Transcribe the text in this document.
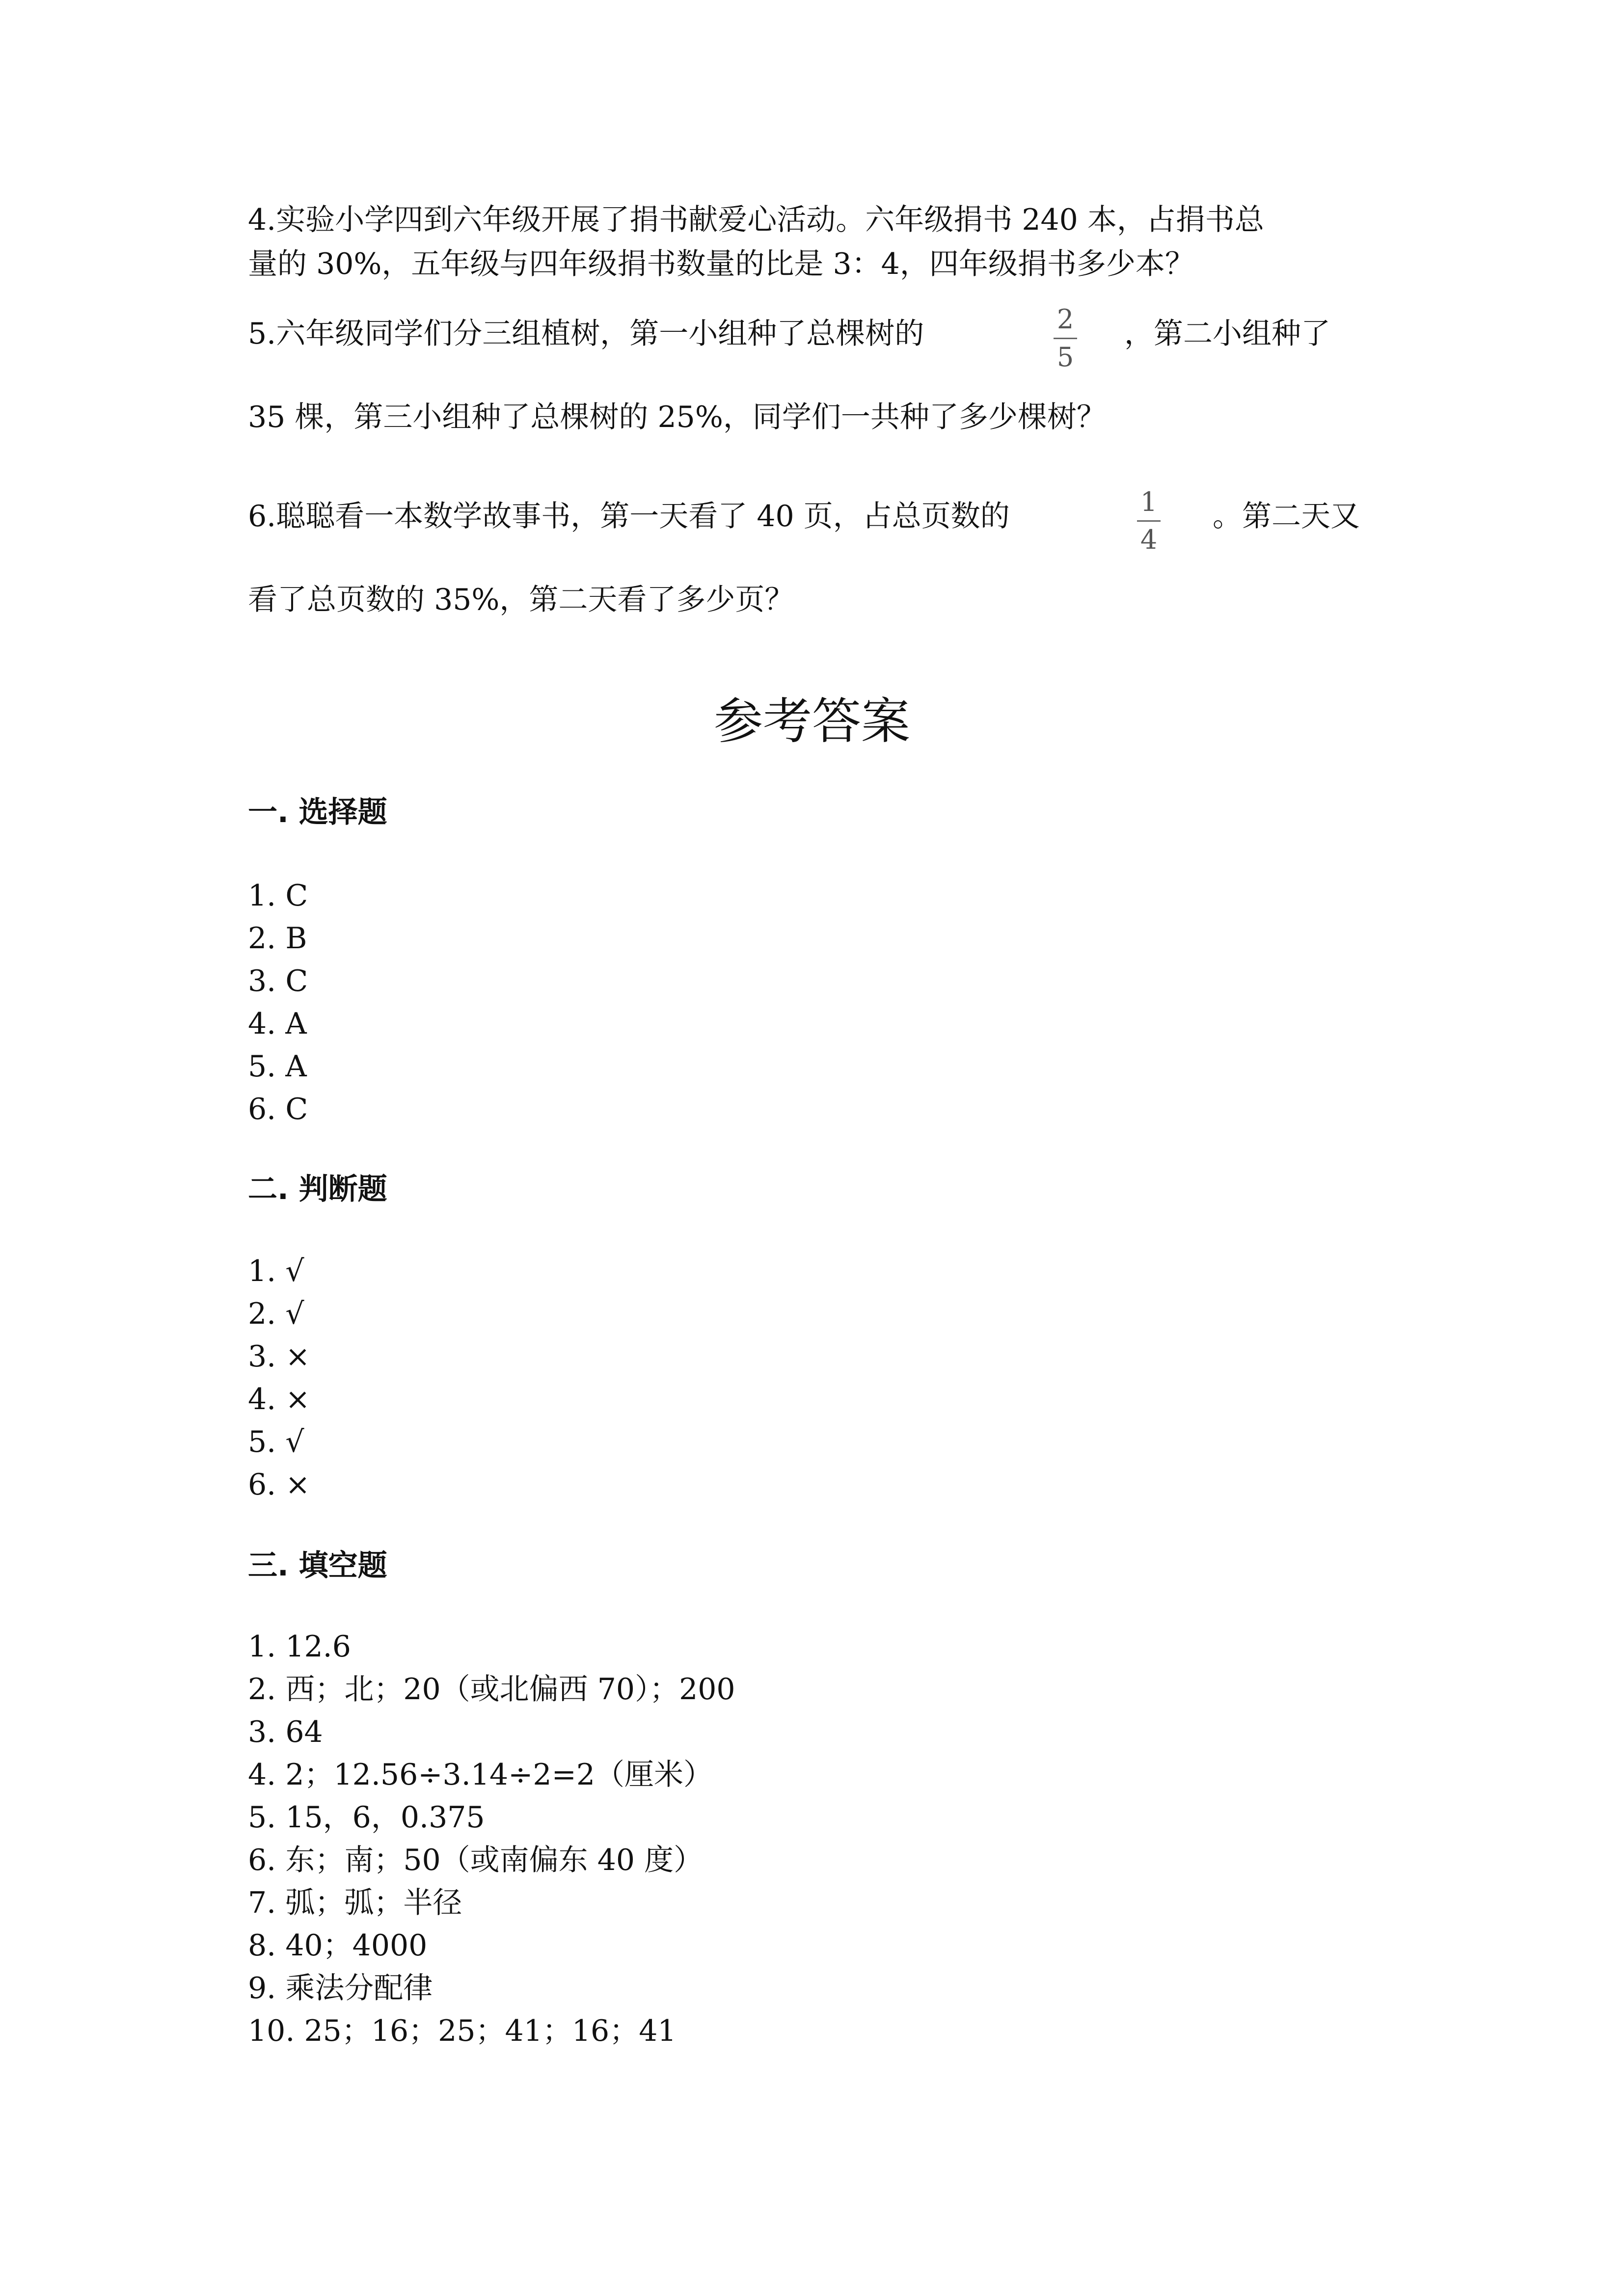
4.实验小学四到六年级开展了捐书献爱心活动。六年级捐书 240 本，占捐书总
量的 30%，五年级与四年级捐书数量的比是 3：4，四年级捐书多少本？
5.六年级同学们分三组植树，第一小组种了总棵树的	2
5
，第二小组种了
35 棵，第三小组种了总棵树的 25%，同学们一共种了多少棵树？
6.聪聪看一本数学故事书，第一天看了 40 页，占总页数的	1
4
。第二天又
看了总页数的 35%，第二天看了多少页？
参考答案
一. 选择题
1. C
2. B
3. C
4. A
5. A
6. C
二. 判断题
1. √
2. √
3. ×
4. ×
5. √
6. ×
三. 填空题
1. 12.6
2. 西；北；20（或北偏西 70）；200
3. 64
4. 2；12.56÷3.14÷2=2（厘米）
5. 15，6，0.375
6. 东；南；50（或南偏东 40 度）
7. 弧；弧；半径
8. 40；4000
9. 乘法分配律
10. 25；16；25；41；16；41
